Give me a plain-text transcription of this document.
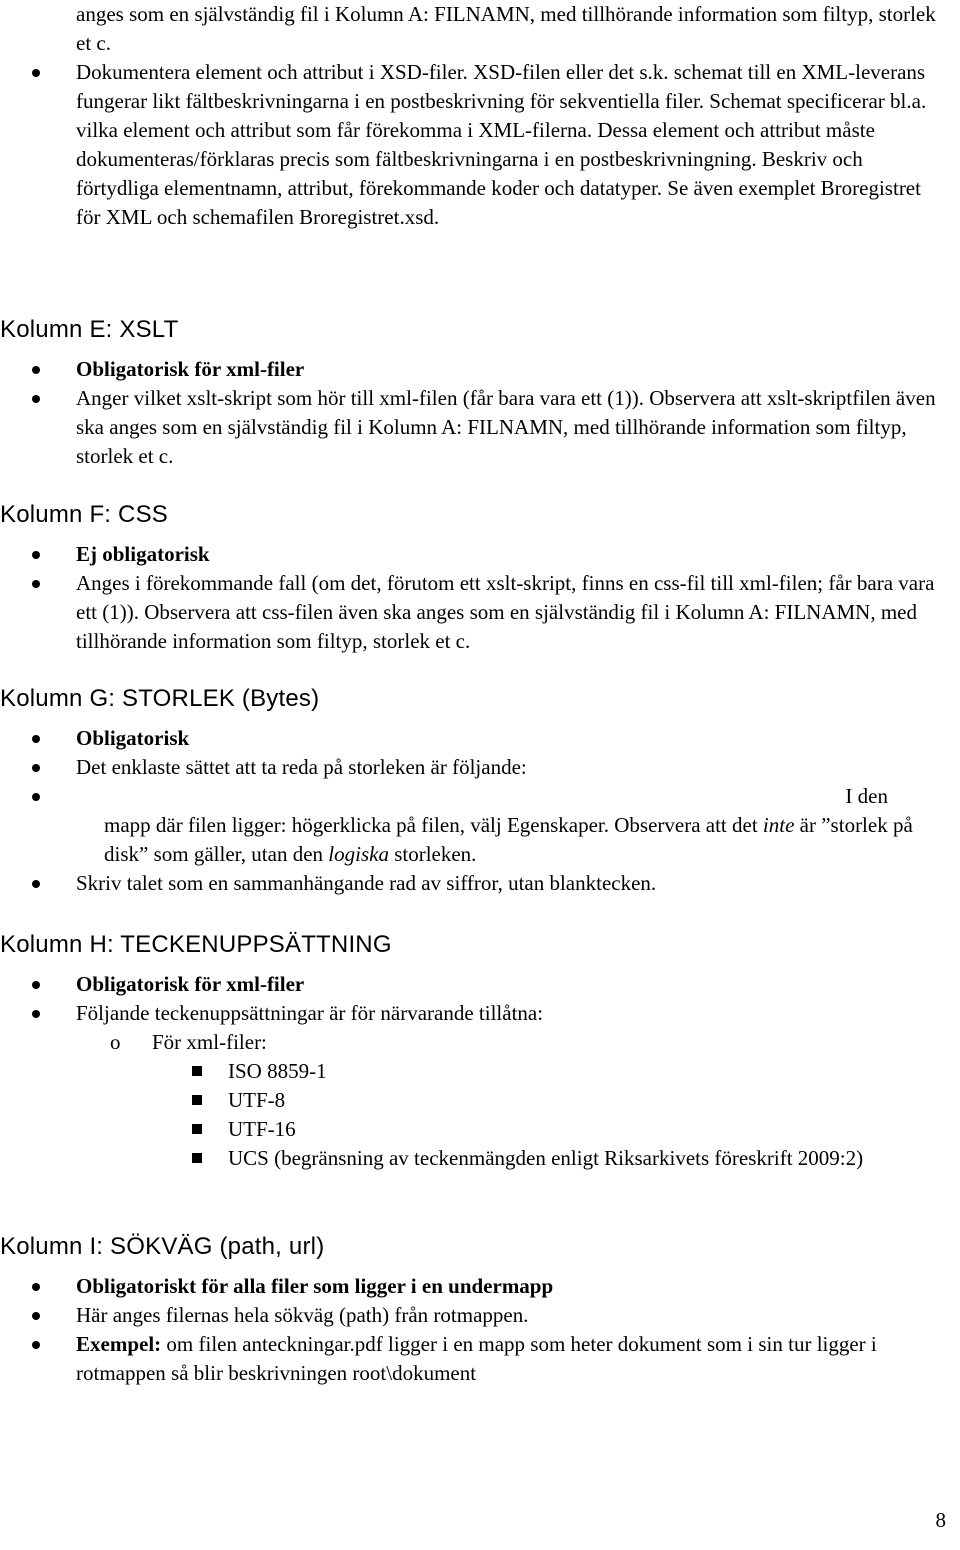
anges som en självständig fil i Kolumn A: FILNAMN, med tillhörande information som filtyp, storlek et c.
Dokumentera element och attribut i XSD-filer. XSD-filen eller det s.k. schemat till en XML-leverans fungerar likt fältbeskrivningarna i en postbeskrivning för sekventiella filer. Schemat specificerar bl.a. vilka element och attribut som får förekomma i XML-filerna. Dessa element och attribut måste dokumenteras/förklaras precis som fältbeskrivningarna i en postbeskrivningning. Beskriv och förtydliga elementnamn, attribut, förekommande koder och datatyper. Se även exemplet Broregistret för XML och schemafilen Broregistret.xsd.
Kolumn E: XSLT
Obligatorisk för xml-filer
Anger vilket xslt-skript som hör till xml-filen (får bara vara ett (1)). Observera att xslt-skriptfilen även ska anges som en självständig fil i Kolumn A: FILNAMN, med tillhörande information som filtyp, storlek et c.
Kolumn F: CSS
Ej obligatorisk
Anges i förekommande fall (om det, förutom ett xslt-skript, finns en css-fil till xml-filen; får bara vara ett (1)). Observera att css-filen även ska anges som en självständig fil i Kolumn A: FILNAMN, med tillhörande information som filtyp, storlek et c.
Kolumn G: STORLEK (Bytes)
Obligatorisk
Det enklaste sättet att ta reda på storleken är följande:
I den
mapp där filen ligger: högerklicka på filen, välj Egenskaper. Observera att det inte är ”storlek på disk” som gäller, utan den logiska storleken.
Skriv talet som en sammanhängande rad av siffror, utan blanktecken.
Kolumn H: TECKENUPPSÄTTNING
Obligatorisk för xml-filer
Följande teckenuppsättningar är för närvarande tillåtna:
o För xml-filer:
ISO 8859-1
UTF-8
UTF-16
UCS (begränsning av teckenmängden enligt Riksarkivets föreskrift 2009:2)
Kolumn I: SÖKVÄG (path, url)
Obligatoriskt för alla filer som ligger i en undermapp
Här anges filernas hela sökväg (path) från rotmappen.
Exempel: om filen anteckningar.pdf ligger i en mapp som heter dokument som i sin tur ligger i rotmappen så blir beskrivningen root\dokument
8
